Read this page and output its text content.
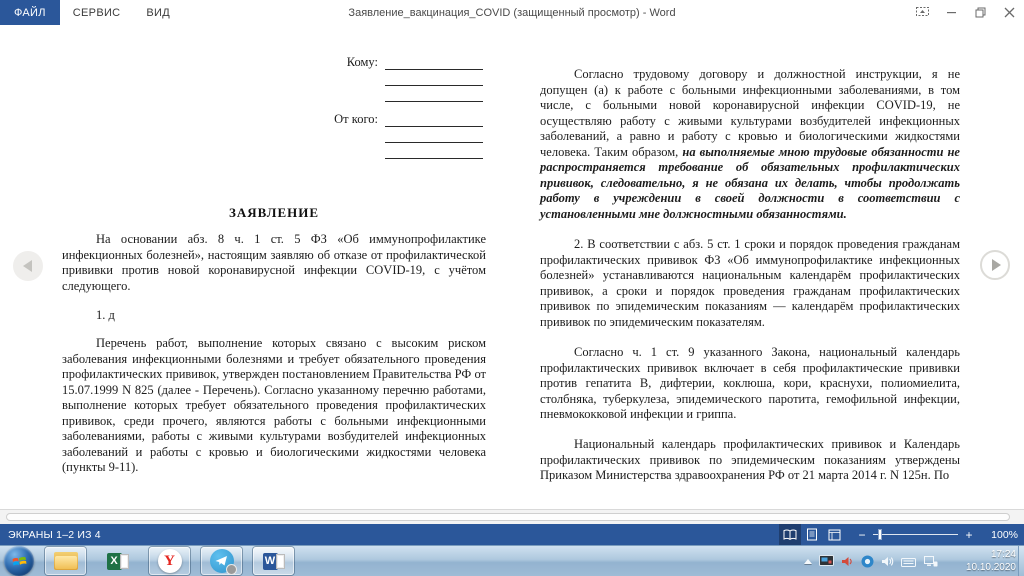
ФАЙЛ	СЕРВИС	ВИД	Заявление_вакцинация_COVID (защищенный просмотр) - Word
Кому:
От кого:
ЗАЯВЛЕНИЕ

На основании абз. 8 ч. 1 ст. 5 ФЗ «Об иммунопрофилактике инфекционных болезней», настоящим заявляю об отказе от профилактической прививки против новой коронавирусной инфекции COVID-19, с учётом следующего.

1. д

Перечень работ, выполнение которых связано с высоким риском заболевания инфекционными болезнями и требует обязательного проведения профилактических прививок, утвержден постановлением Правительства РФ от 15.07.1999 N 825 (далее - Перечень). Согласно указанному перечню работами, выполнение которых требует обязательного проведения профилактических прививок, среди прочего, являются работы с больными инфекционными заболеваниями, работы с живыми культурами возбудителей инфекционных заболеваний и работы с кровью и биологическими жидкостями человека (пункты 9-11).

Согласно трудовому договору и должностной инструкции, я не допущен (а) к работе с больными инфекционными заболеваниями, в том числе, с больными новой коронавирусной инфекции COVID-19, не осуществляю работу с живыми культурами возбудителей инфекционных заболеваний, а равно и работу с кровью и биологическими жидкостями человека. Таким образом, на выполняемые мною трудовые обязанности не распространяется требование об обязательных профилактических прививок, следовательно, я не обязана их делать, чтобы продолжать работу в учреждении в своей должности в соответствии с установленными мне должностными обязанностями.

2. В соответствии с абз. 5 ст. 1 сроки и порядок проведения гражданам профилактических прививок ФЗ «Об иммунопрофилактике инфекционных болезней» устанавливаются национальным календарём профилактических прививок, а сроки и порядок проведения гражданам профилактических прививок по эпидемическим показаниям — календарём профилактических прививок по эпидемическим показателям.

Согласно ч. 1 ст. 9 указанного Закона, национальный календарь профилактических прививок включает в себя профилактические прививки против гепатита В, дифтерии, коклюша, кори, краснухи, полиомиелита, столбняка, туберкулеза, эпидемического паротита, гемофильной инфекции, пневмококковой инфекции и гриппа.

Национальный календарь профилактических прививок и Календарь профилактических прививок по эпидемическим показаниям утверждены Приказом Министерства здравоохранения РФ от 21 марта 2014 г. N 125н. По

ЭКРАНЫ 1–2 ИЗ 4	−	+	100%
X	Y	W
17:24
10.10.2020
